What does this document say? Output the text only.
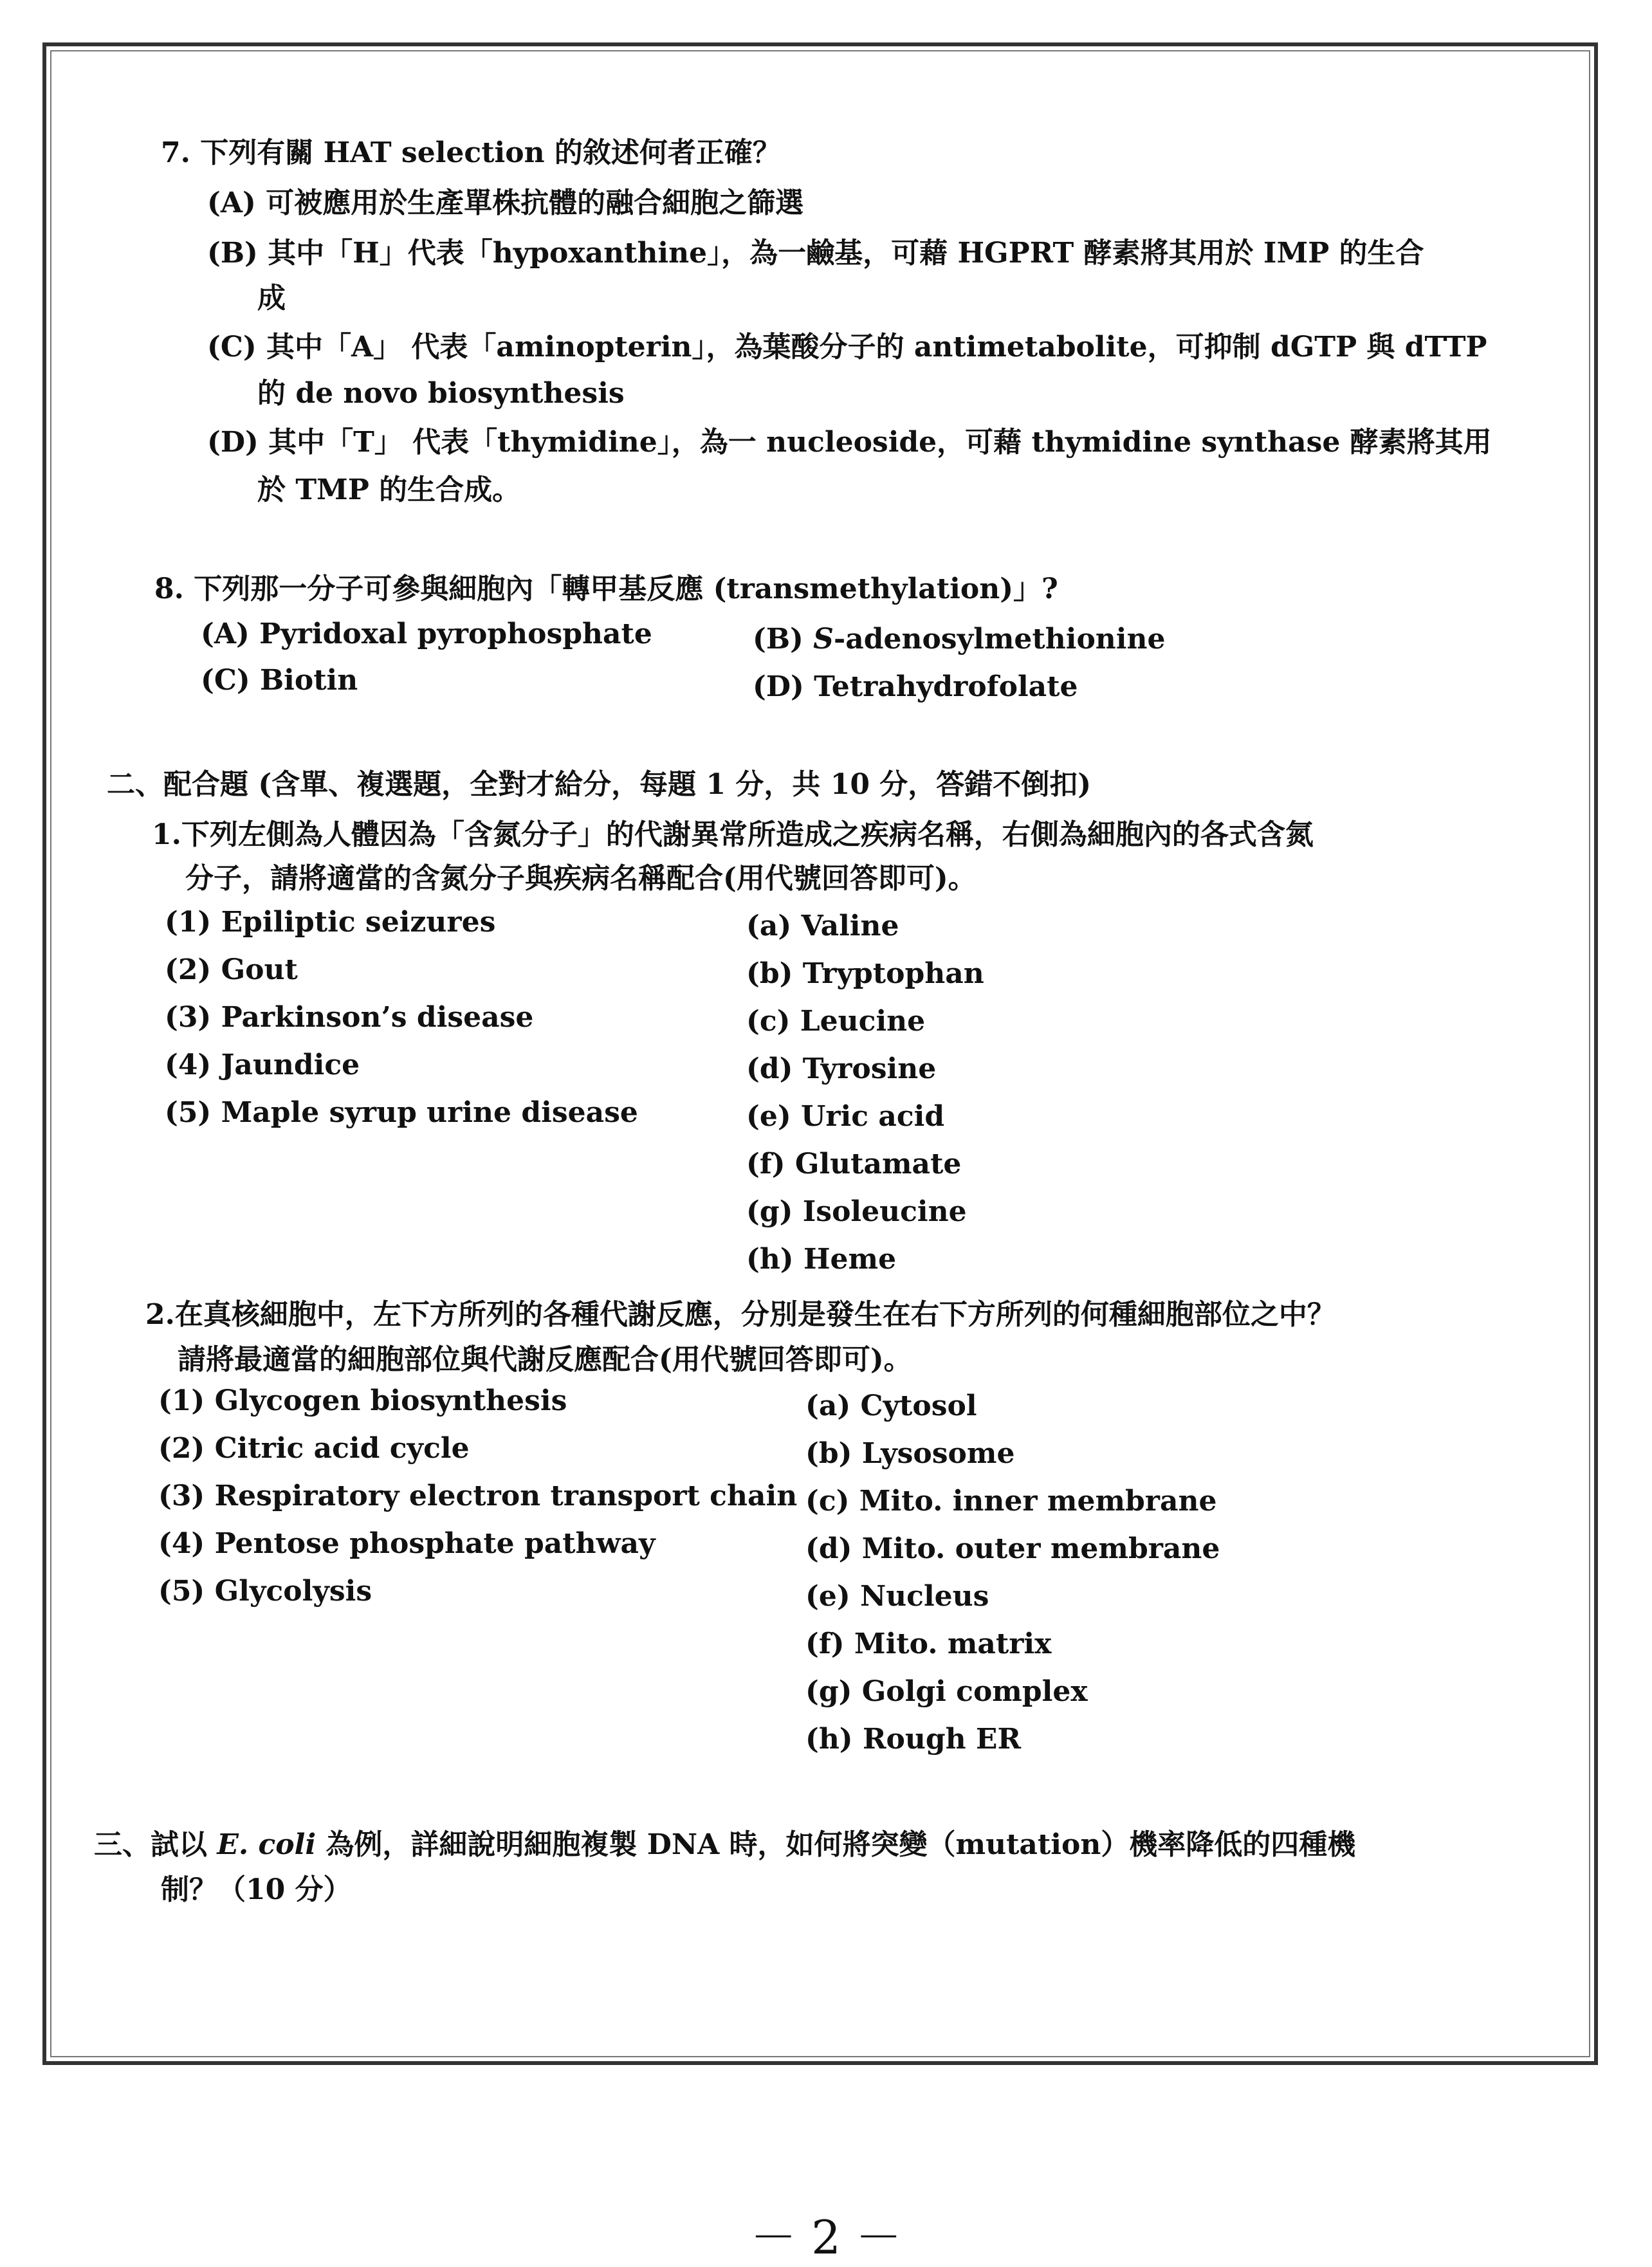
7. 下列有關 HAT selection 的敘述何者正確？
(A) 可被應用於生產單株抗體的融合細胞之篩選
(B) 其中「H」代表「hypoxanthine」，為一鹼基，可藉 HGPRT 酵素將其用於 IMP 的生合
成
(C) 其中「A」 代表「aminopterin」，為葉酸分子的 antimetabolite，可抑制 dGTP 與 dTTP
的 de novo biosynthesis
(D) 其中「T」 代表「thymidine」，為一 nucleoside，可藉 thymidine synthase 酵素將其用
於 TMP 的生合成。
8. 下列那一分子可參與細胞內「轉甲基反應 (transmethylation)」?
(A) Pyridoxal pyrophosphate	(B) S-adenosylmethionine
(C) Biotin	(D) Tetrahydrofolate
二、配合題 (含單、複選題，全對才給分，每題 1 分，共 10 分，答錯不倒扣)
1.下列左側為人體因為「含氮分子」的代謝異常所造成之疾病名稱，右側為細胞內的各式含氮
分子，請將適當的含氮分子與疾病名稱配合(用代號回答即可)。
(1) Epiliptic seizures
(2) Gout
(3) Parkinson’s disease
(4) Jaundice
(5) Maple syrup urine disease
(a) Valine
(b) Tryptophan
(c) Leucine
(d) Tyrosine
(e) Uric acid
(f) Glutamate
(g) Isoleucine
(h) Heme
2.在真核細胞中，左下方所列的各種代謝反應，分別是發生在右下方所列的何種細胞部位之中？
請將最適當的細胞部位與代謝反應配合(用代號回答即可)。
(1) Glycogen biosynthesis
(2) Citric acid cycle
(3) Respiratory electron transport chain
(4) Pentose phosphate pathway
(5) Glycolysis
(a) Cytosol
(b) Lysosome
(c) Mito. inner membrane
(d) Mito. outer membrane
(e) Nucleus
(f) Mito. matrix
(g) Golgi complex
(h) Rough ER
三、試以 E. coli 為例，詳細說明細胞複製 DNA 時，如何將突變（mutation）機率降低的四種機
制？（10 分）
－ 2 －
